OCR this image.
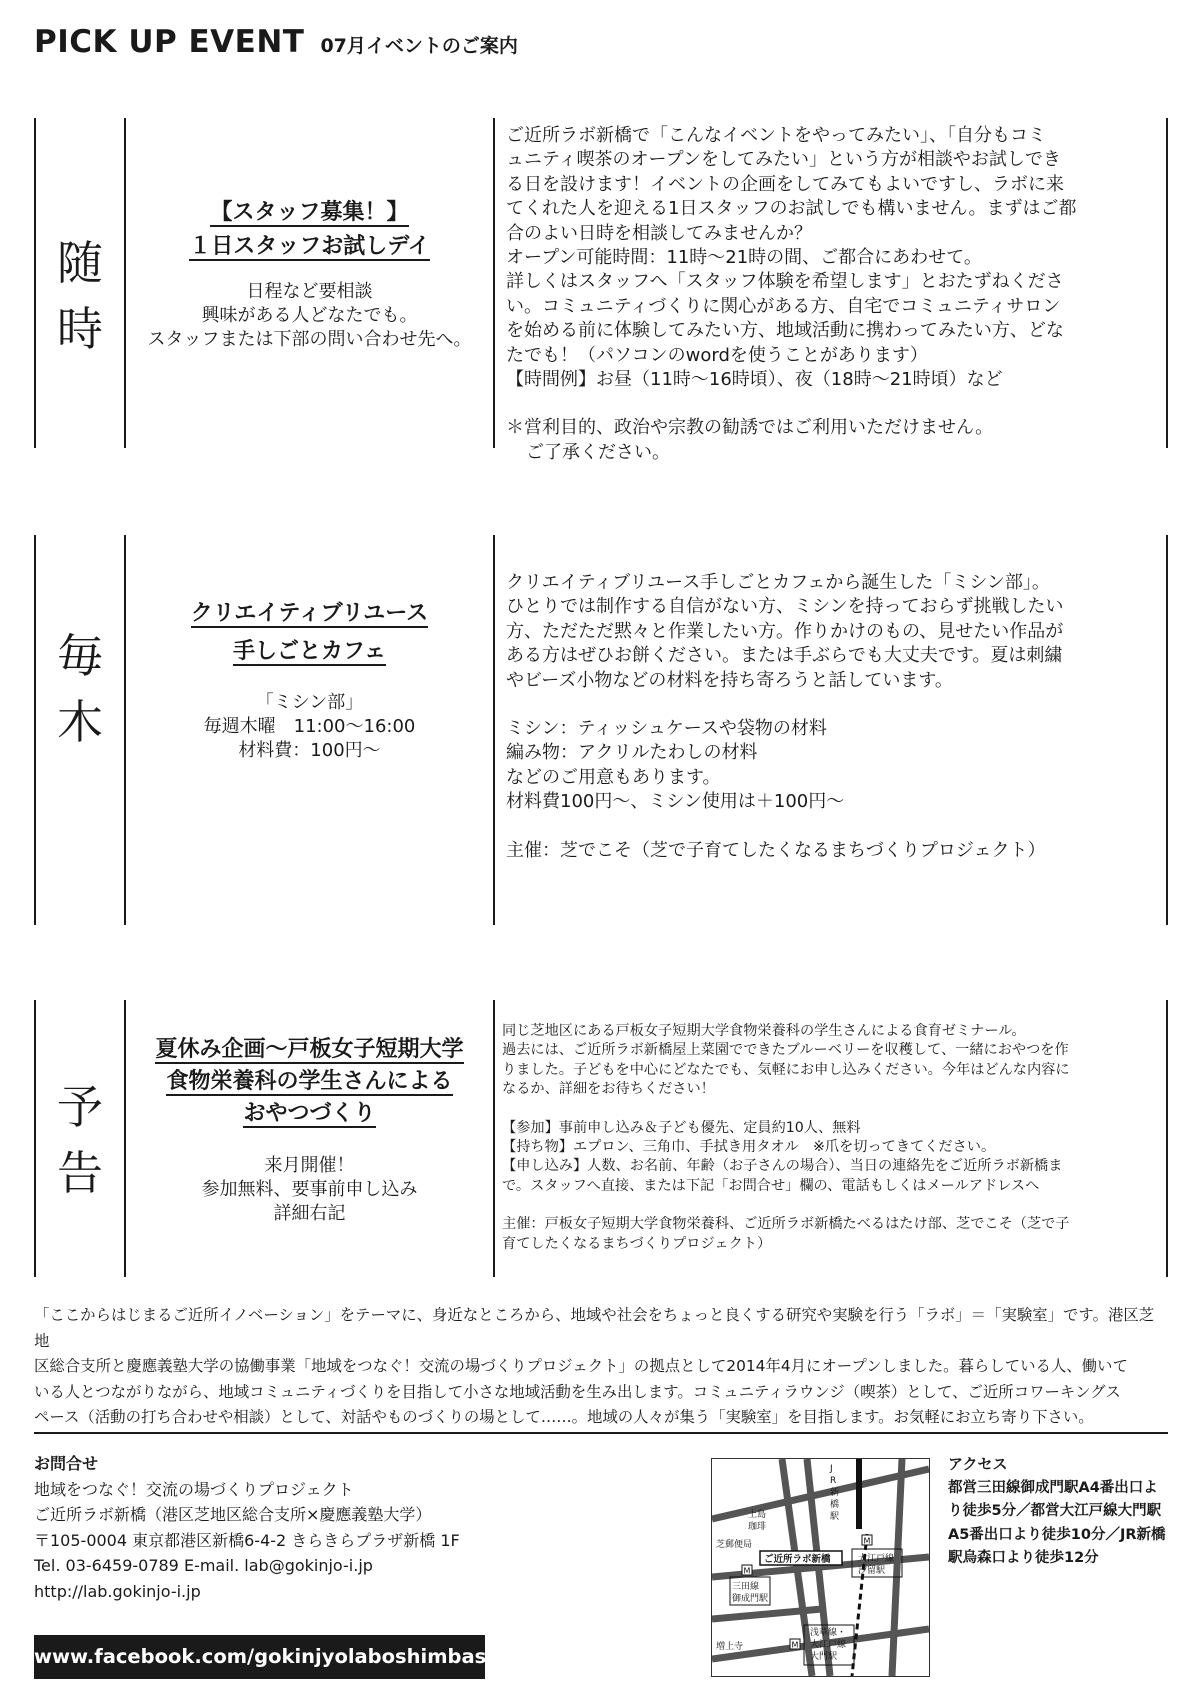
PICK UP EVENT 07月イベントのご案内
随
時
【スタッフ募集！】
１日スタッフお試しデイ
日程など要相談
興味がある人どなたでも。
スタッフまたは下部の問い合わせ先へ。

ご近所ラボ新橋で「こんなイベントをやってみたい」、「自分もコミ

ュニティ喫茶のオープンをしてみたい」という方が相談やお試しでき

る日を設けます！イベントの企画をしてみてもよいですし、ラボに来

てくれた人を迎える1日スタッフのお試しでも構いません。まずはご都

合のよい日時を相談してみませんか？

オープン可能時間：11時～21時の間、ご都合にあわせて。

詳しくはスタッフへ「スタッフ体験を希望します」とおたずねくださ

い。コミュニティづくりに関心がある方、自宅でコミュニティサロン

を始める前に体験してみたい方、地域活動に携わってみたい方、どな

たでも！（パソコンのwordを使うことがあります）

【時間例】お昼（11時～16時頃）、夜（18時～21時頃）など

＊営利目的、政治や宗教の勧誘ではご利用いただけません。

ご了承ください。

毎
木
クリエイティブリユース
手しごとカフェ
「ミシン部」
毎週木曜　11:00～16:00
材料費：100円～

クリエイティブリユース手しごとカフェから誕生した「ミシン部」。

ひとりでは制作する自信がない方、ミシンを持っておらず挑戦したい

方、ただただ黙々と作業したい方。作りかけのもの、見せたい作品が

ある方はぜひお餅ください。または手ぶらでも大丈夫です。夏は刺繍

やビーズ小物などの材料を持ち寄ろうと話しています。

ミシン：ティッシュケースや袋物の材料

編み物：アクリルたわしの材料

などのご用意もあります。

材料費100円～、ミシン使用は＋100円～

主催：芝でこそ（芝で子育てしたくなるまちづくりプロジェクト）

予
告
夏休み企画～戸板女子短期大学
食物栄養科の学生さんによる
おやつづくり
来月開催！
参加無料、要事前申し込み
詳細右記

同じ芝地区にある戸板女子短期大学食物栄養科の学生さんによる食育ゼミナール。

過去には、ご近所ラボ新橋屋上菜園でできたブルーベリーを収穫して、一緒におやつを作

りました。子どもを中心にどなたでも、気軽にお申し込みください。今年はどんな内容に

なるか、詳細をお待ちください！

【参加】事前申し込み＆子ども優先、定員約10人、無料

【持ち物】エプロン、三角巾、手拭き用タオル　※爪を切ってきてください。

【申し込み】人数、お名前、年齢（お子さんの場合）、当日の連絡先をご近所ラボ新橋ま

で。スタッフへ直接、または下記「お問合せ」欄の、電話もしくはメールアドレスへ

主催：戸板女子短期大学食物栄養科、ご近所ラボ新橋たべるはたけ部、芝でこそ（芝で子

育てしたくなるまちづくりプロジェクト）

「ここからはじまるご近所イノベーション」をテーマに、身近なところから、地域や社会をちょっと良くする研究や実験を行う「ラボ」＝「実験室」です。港区芝地
区総合支所と慶應義塾大学の協働事業「地域をつなぐ！交流の場づくりプロジェクト」の拠点として2014年4月にオープンしました。暮らしている人、働いて
いる人とつながりながら、地域コミュニティづくりを目指して小さな地域活動を生み出します。コミュニティラウンジ（喫茶）として、ご近所コワーキングス
ペース（活動の打ち合わせや相談）として、対話やものづくりの場として……。地域の人々が集う「実験室」を目指します。お気軽にお立ち寄り下さい。
お問合せ
地域をつなぐ！交流の場づくりプロジェクト
ご近所ラボ新橋（港区芝地区総合支所×慶應義塾大学）
〒105-0004 東京都港区新橋6-4-2 きらきらプラザ新橋 1F
Tel. 03-6459-0789 E-mail. lab@gokinjo-i.jp
http://lab.gokinjo-i.jp
www.facebook.com/gokinjyolaboshimbashi
J
R
新
橋
駅
上島
珈琲
芝郵便局
大江戸線
汐留駅
三田線
御成門駅
浅草線・
大江戸線
大門駅
増上寺
ご近所ラボ新橋
M
M
M
アクセス
都営三田線御成門駅A4番出口よ
り徒歩5分／都営大江戸線大門駅
A5番出口より徒歩10分／JR新橋
駅烏森口より徒歩12分
